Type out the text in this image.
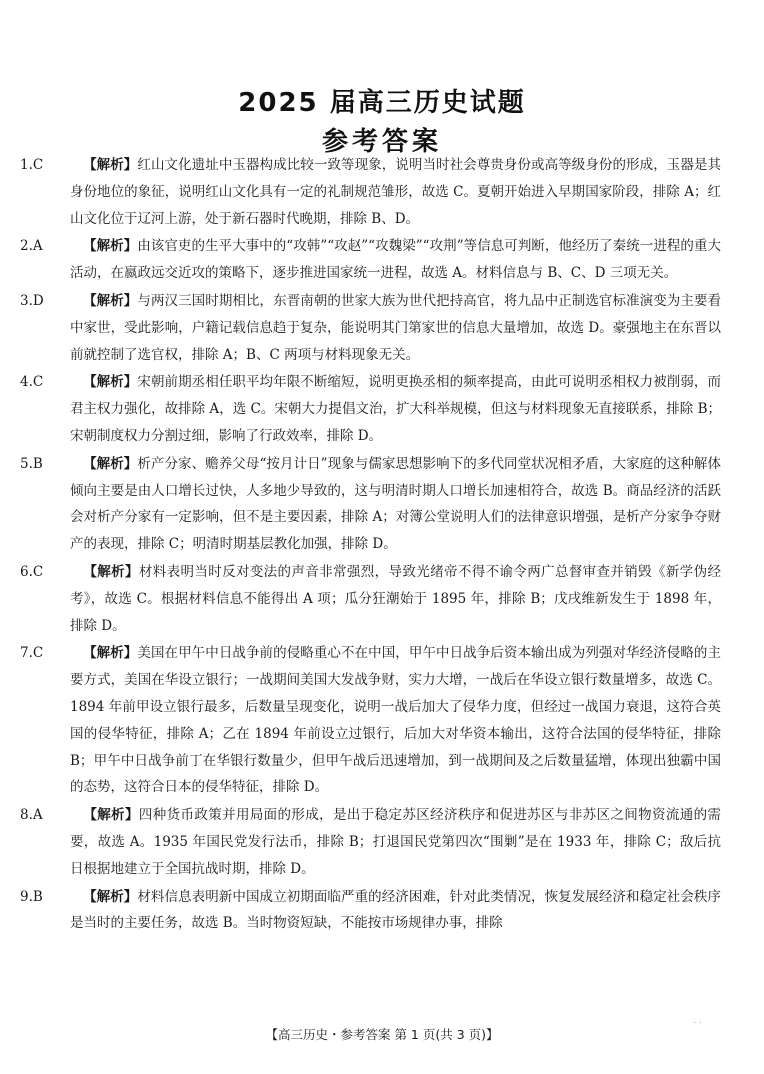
2025 届高三历史试题
参考答案

1.C	【解析】红山文化遗址中玉器构成比较一致等现象，说明当时社会尊贵身份或高等级身份的形成，玉器是其身份地位的象征，说明红山文化具有一定的礼制规范雏形，故选 C。夏朝开始进入早期国家阶段，排除 A；红山文化位于辽河上游，处于新石器时代晚期，排除 B、D。

2.A	【解析】由该官吏的生平大事中的“攻韩”“攻赵”“攻魏梁”“攻荆”等信息可判断，他经历了秦统一进程的重大活动，在嬴政远交近攻的策略下，逐步推进国家统一进程，故选 A。材料信息与 B、C、D 三项无关。

3.D	【解析】与两汉三国时期相比，东晋南朝的世家大族为世代把持高官，将九品中正制选官标准演变为主要看中家世，受此影响，户籍记载信息趋于复杂，能说明其门第家世的信息大量增加，故选 D。豪强地主在东晋以前就控制了选官权，排除 A；B、C 两项与材料现象无关。

4.C	【解析】宋朝前期丞相任职平均年限不断缩短，说明更换丞相的频率提高，由此可说明丞相权力被削弱，而君主权力强化，故排除 A，选 C。宋朝大力提倡文治，扩大科举规模，但这与材料现象无直接联系，排除 B；宋朝制度权力分割过细，影响了行政效率，排除 D。

5.B	【解析】析产分家、赡养父母“按月计日”现象与儒家思想影响下的多代同堂状况相矛盾，大家庭的这种解体倾向主要是由人口增长过快，人多地少导致的，这与明清时期人口增长加速相符合，故选 B。商品经济的活跃会对析产分家有一定影响，但不是主要因素，排除 A；对簿公堂说明人们的法律意识增强，是析产分家争夺财产的表现，排除 C；明清时期基层教化加强，排除 D。

6.C	【解析】材料表明当时反对变法的声音非常强烈，导致光绪帝不得不谕令两广总督审查并销毁《新学伪经考》，故选 C。根据材料信息不能得出 A 项；瓜分狂潮始于 1895 年，排除 B；戊戌维新发生于 1898 年，排除 D。

7.C	【解析】美国在甲午中日战争前的侵略重心不在中国，甲午中日战争后资本输出成为列强对华经济侵略的主要方式，美国在华设立银行；一战期间美国大发战争财，实力大增，一战后在华设立银行数量增多，故选 C。1894 年前甲设立银行最多，后数量呈现变化，说明一战后加大了侵华力度，但经过一战国力衰退，这符合英国的侵华特征，排除 A；乙在 1894 年前设立过银行，后加大对华资本输出，这符合法国的侵华特征，排除 B；甲午中日战争前丁在华银行数量少，但甲午战后迅速增加，到一战期间及之后数量猛增，体现出独霸中国的态势，这符合日本的侵华特征，排除 D。

8.A	【解析】四种货币政策并用局面的形成，是出于稳定苏区经济秩序和促进苏区与非苏区之间物资流通的需要，故选 A。1935 年国民党发行法币，排除 B；打退国民党第四次“围剿”是在 1933 年，排除 C；敌后抗日根据地建立于全国抗战时期，排除 D。

9.B	【解析】材料信息表明新中国成立初期面临严重的经济困难，针对此类情况，恢复发展经济和稳定社会秩序是当时的主要任务，故选 B。当时物资短缺，不能按市场规律办事，排除

【高三历史・参考答案 第 1 页(共 3 页)】
. .
